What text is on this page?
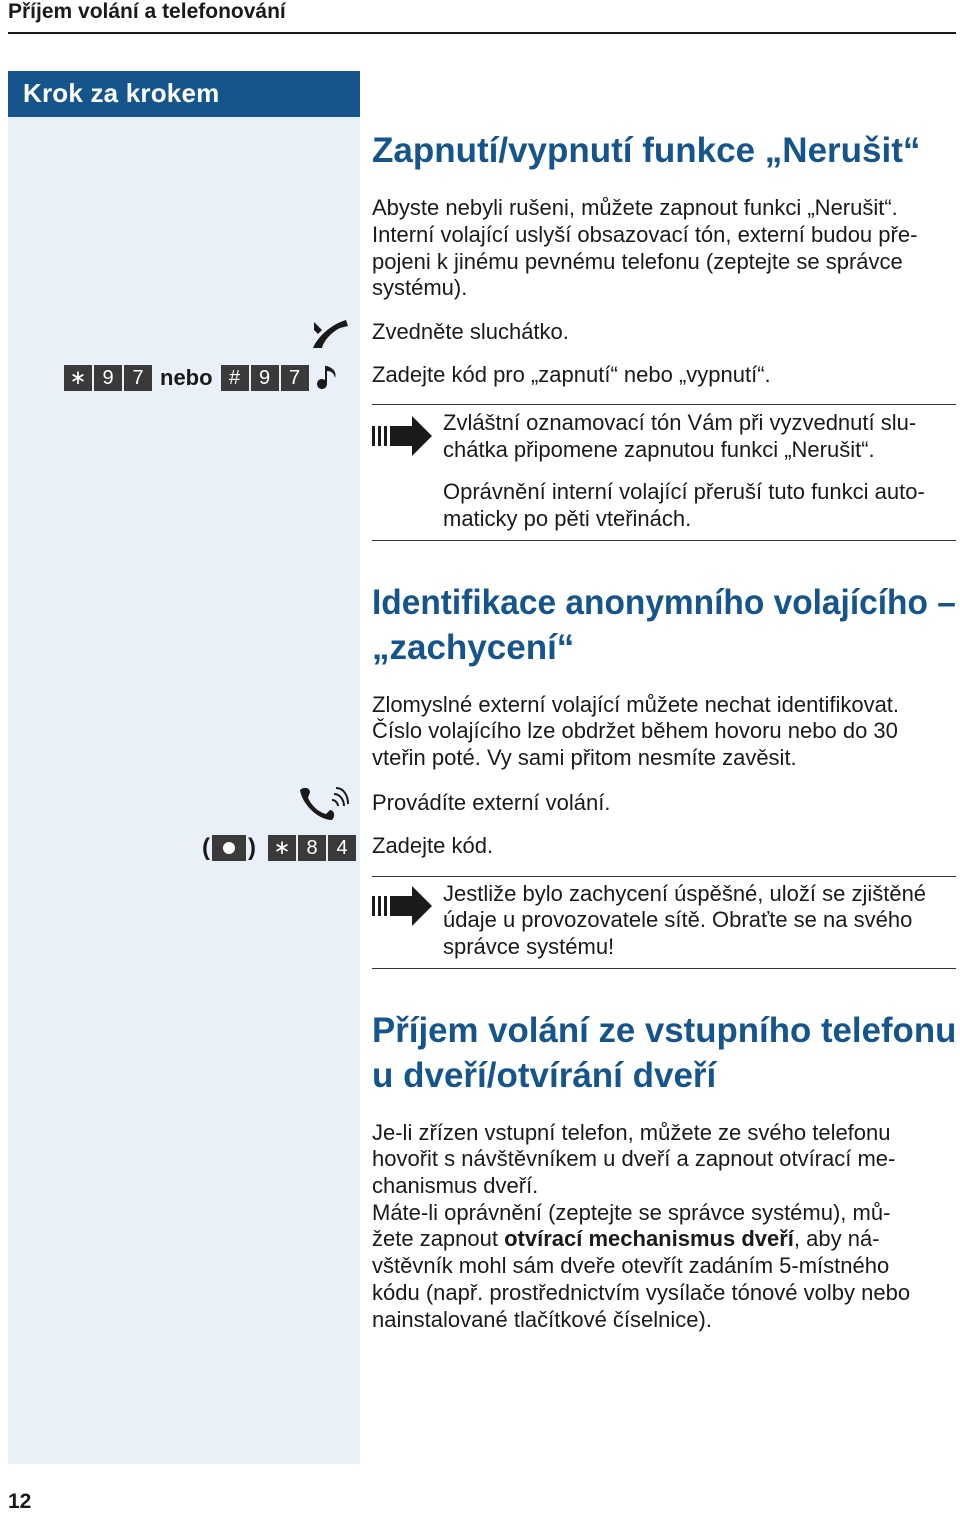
Příjem volání a telefonování
Krok za krokem
Zapnutí/vypnutí funkce „Nerušit“
Abyste nebyli rušeni, můžete zapnout funkci „Nerušit“.
Interní volající uslyší obsazovací tón, externí budou pře-
pojeni k jinému pevnému telefonu (zeptejte se správce
systému).
Zvedněte sluchátko.
∗ 9 7 nebo # 9 7	Zadejte kód pro „zapnutí“ nebo „vypnutí“.
Zvláštní oznamovací tón Vám při vyzvednutí slu-
chátka připomene zapnutou funkci „Nerušit“.
Oprávnění interní volající přeruší tuto funkci auto-
maticky po pěti vteřinách.
Identifikace anonymního volajícího –
„zachycení“
Zlomyslné externí volající můžete nechat identifikovat.
Číslo volajícího lze obdržet během hovoru nebo do 30
vteřin poté. Vy sami přitom nesmíte zavěsit.
Provádíte externí volání.
( ) ∗ 8 4	Zadejte kód.
Jestliže bylo zachycení úspěšné, uloží se zjištěné
údaje u provozovatele sítě. Obraťte se na svého
správce systému!
Příjem volání ze vstupního telefonu
u dveří/otvírání dveří
Je-li zřízen vstupní telefon, můžete ze svého telefonu
hovořit s návštěvníkem u dveří a zapnout otvírací me-
chanismus dveří.
Máte-li oprávnění (zeptejte se správce systému), mů-
žete zapnout otvírací mechanismus dveří, aby ná-
vštěvník mohl sám dveře otevřít zadáním 5-místného
kódu (např. prostřednictvím vysílače tónové volby nebo
nainstalované tlačítkové číselnice).
12
